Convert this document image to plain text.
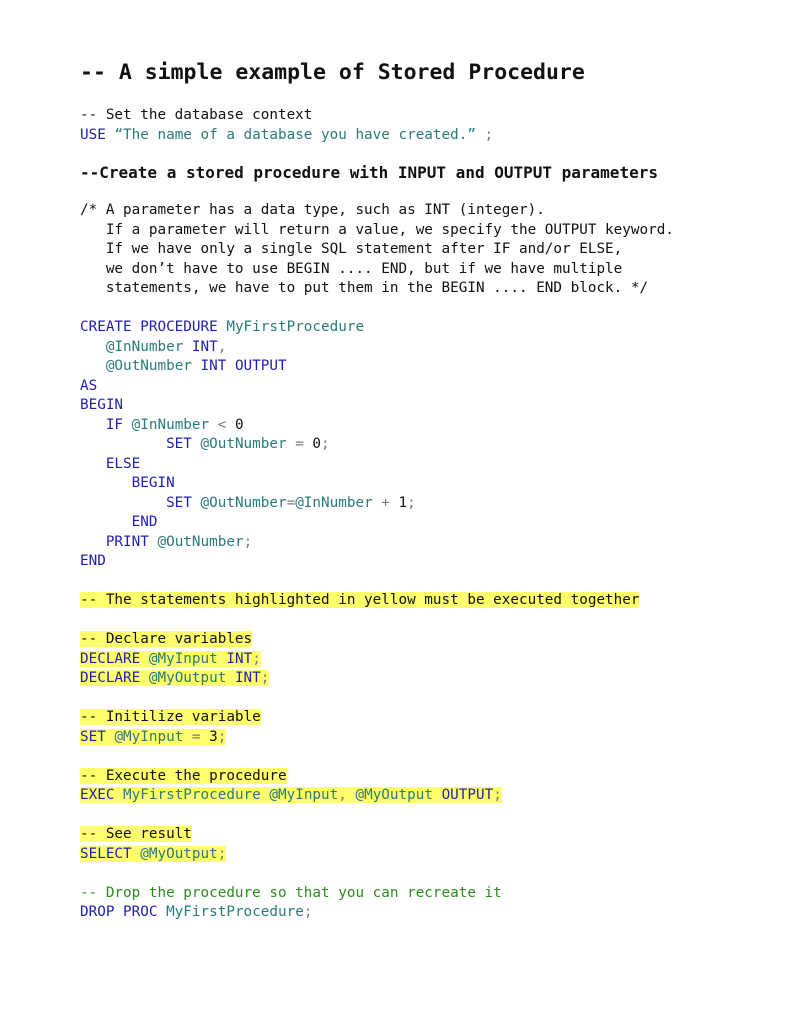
-- A simple example of Stored Procedure
-- Set the database context
USE “The name of a database you have created.” ;
--Create a stored procedure with INPUT and OUTPUT parameters
/* A parameter has a data type, such as INT (integer).
If a parameter will return a value, we specify the OUTPUT keyword.
If we have only a single SQL statement after IF and/or ELSE,
we don’t have to use BEGIN .... END, but if we have multiple
statements, we have to put them in the BEGIN .... END block. */
CREATE PROCEDURE MyFirstProcedure
@InNumber INT,
@OutNumber INT OUTPUT
AS
BEGIN
IF @InNumber < 0
SET @OutNumber = 0;
ELSE
BEGIN
SET @OutNumber=@InNumber + 1;
END
PRINT @OutNumber;
END
-- The statements highlighted in yellow must be executed together
-- Declare variables
DECLARE @MyInput INT;
DECLARE @MyOutput INT;
-- Initilize variable
SET @MyInput = 3;
-- Execute the procedure
EXEC MyFirstProcedure @MyInput, @MyOutput OUTPUT;
-- See result
SELECT @MyOutput;
-- Drop the procedure so that you can recreate it
DROP PROC MyFirstProcedure;
